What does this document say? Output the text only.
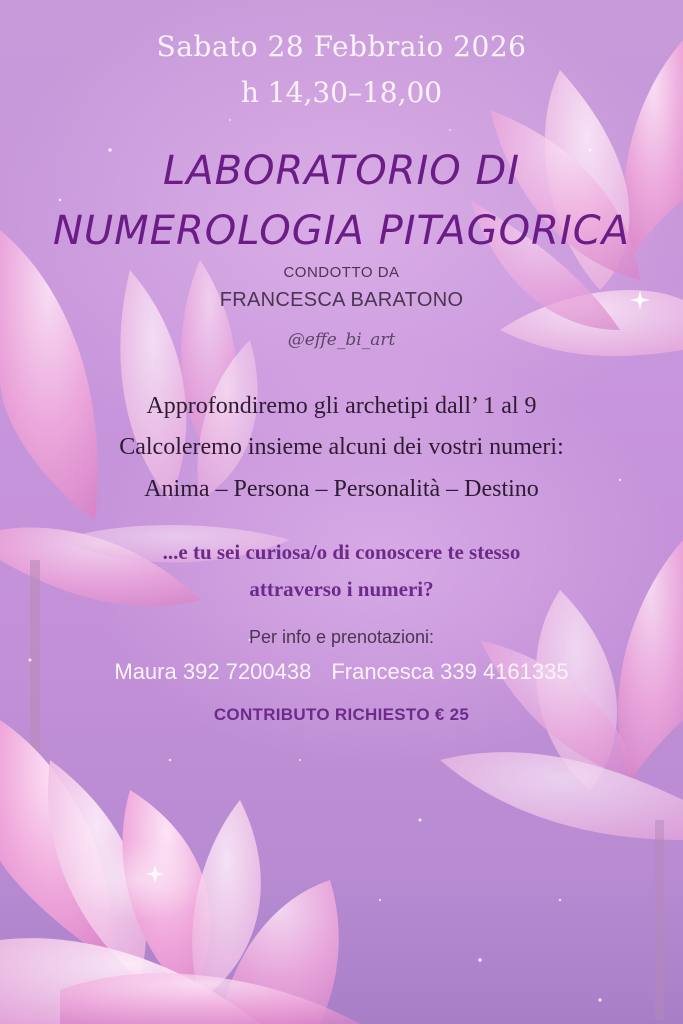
Sabato 28 Febbraio 2026

h 14,30–18,00

LABORATORIO DI

NUMEROLOGIA PITAGORICA

CONDOTTO DA

FRANCESCA BARATONO

@effe_bi_art

Approfondiremo gli archetipi dall’ 1 al 9

Calcoleremo insieme alcuni dei vostri numeri:

Anima – Persona – Personalità – Destino

...e tu sei curiosa/o di conoscere te stesso

attraverso i numeri?

Per info e prenotazioni:

Maura 392 7200438 Francesca 339 4161335

CONTRIBUTO RICHIESTO € 25
